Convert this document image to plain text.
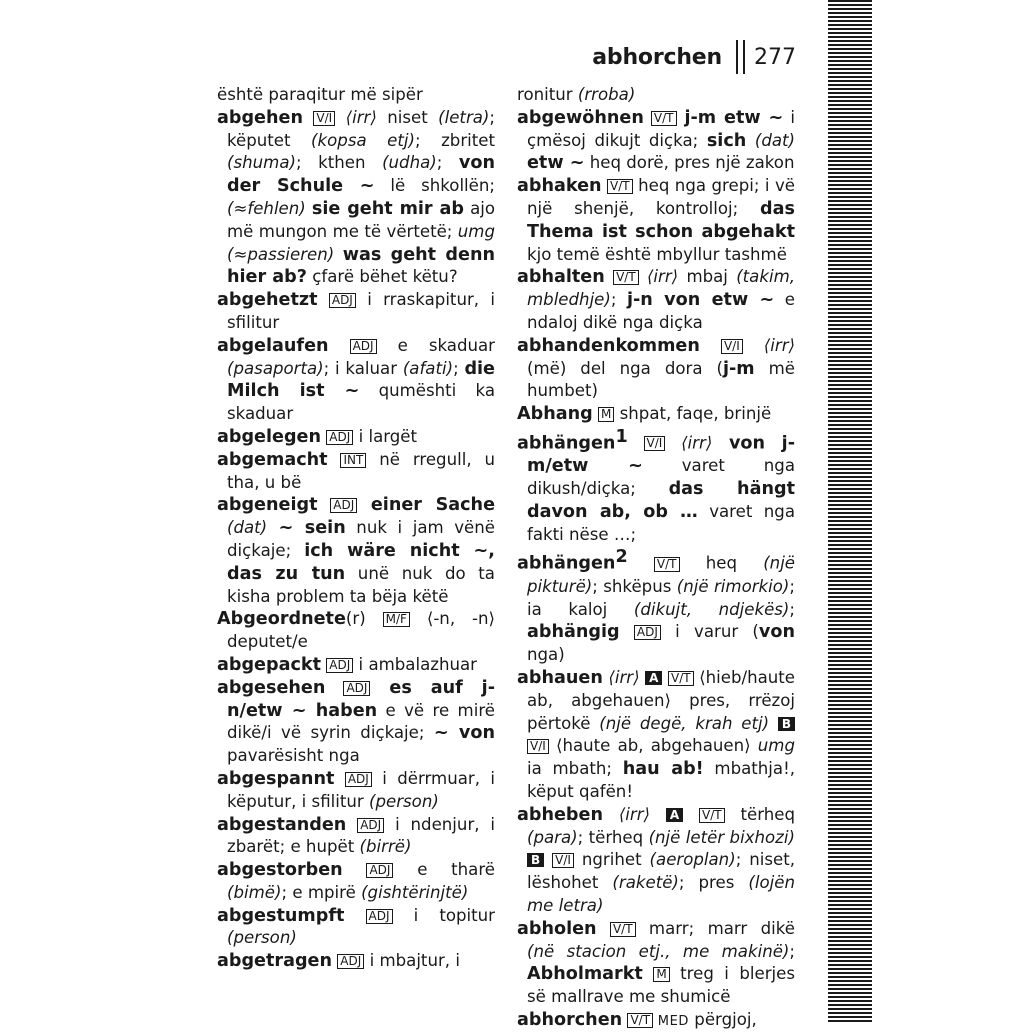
abhorchen 277
është paraqitur më sipër
abgehen V/I ⟨irr⟩ niset (letra); këputet (kopsa etj); zbritet (shuma); kthen (udha); von der Schule ~ lë shkollën; (≈fehlen) sie geht mir ab ajo më mungon me të vërtetë; umg (≈passieren) was geht denn hier ab? çfarë bëhet këtu?
abgehetzt ADJ i rraskapitur, i sfilitur
abgelaufen ADJ e skaduar (pasaporta); i kaluar (afati); die Milch ist ~ qumështi ka skaduar
abgelegen ADJ i largët
abgemacht INT në rregull, u tha, u bë
abgeneigt ADJ einer Sache (dat) ~ sein nuk i jam vënë diçkaje; ich wäre nicht ~, das zu tun unë nuk do ta kisha problem ta bëja këtë
Abgeordnete(r) M/F ⟨-n, -n⟩ deputet/e
abgepackt ADJ i ambalazhuar
abgesehen ADJ es auf j-n/etw ~ haben e vë re mirë dikë/i vë syrin diçkaje; ~ von pavarësisht nga
abgespannt ADJ i dërrmuar, i këputur, i sfilitur (person)
abgestanden ADJ i ndenjur, i zbarët; e hupët (birrë)
abgestorben ADJ e tharë (bimë); e mpirë (gishtërinjtë)
abgestumpft ADJ i topitur (person)
abgetragen ADJ i mbajtur, i
ronitur (rroba)
abgewöhnen V/T j-m etw ~ i çmësoj dikujt diçka; sich (dat) etw ~ heq dorë, pres një zakon
abhaken V/T heq nga grepi; i vë një shenjë, kontrolloj; das Thema ist schon abgehakt kjo temë është mbyllur tashmë
abhalten V/T ⟨irr⟩ mbaj (takim, mbledhje); j-n von etw ~ e ndaloj dikë nga diçka
abhandenkommen V/I ⟨irr⟩ (më) del nga dora (j-m më humbet)
Abhang M shpat, faqe, brinjë
abhängen$^1$ V/I ⟨irr⟩ von j-m/etw ~ varet nga dikush/diçka; das hängt davon ab, ob … varet nga fakti nëse …;
abhängen$^2$ V/T heq (një pikturë); shkëpus (një rimorkio); ia kaloj (dikujt, ndjekës); abhängig ADJ i varur (von nga)
abhauen ⟨irr⟩ A V/T ⟨hieb/haute ab, abgehauen⟩ pres, rrëzoj përtokë (një degë, krah etj) B V/I ⟨haute ab, abgehauen⟩ umg ia mbath; hau ab! mbathja!, këput qafën!
abheben ⟨irr⟩ A V/T tërheq (para); tërheq (një letër bixhozi) B V/I ngrihet (aeroplan); niset, lëshohet (raketë); pres (lojën me letra)
abholen V/T marr; marr dikë (në stacion etj., me makinë); Abholmarkt M treg i blerjes së mallrave me shumicë
abhorchen V/T MED përgjoj,
